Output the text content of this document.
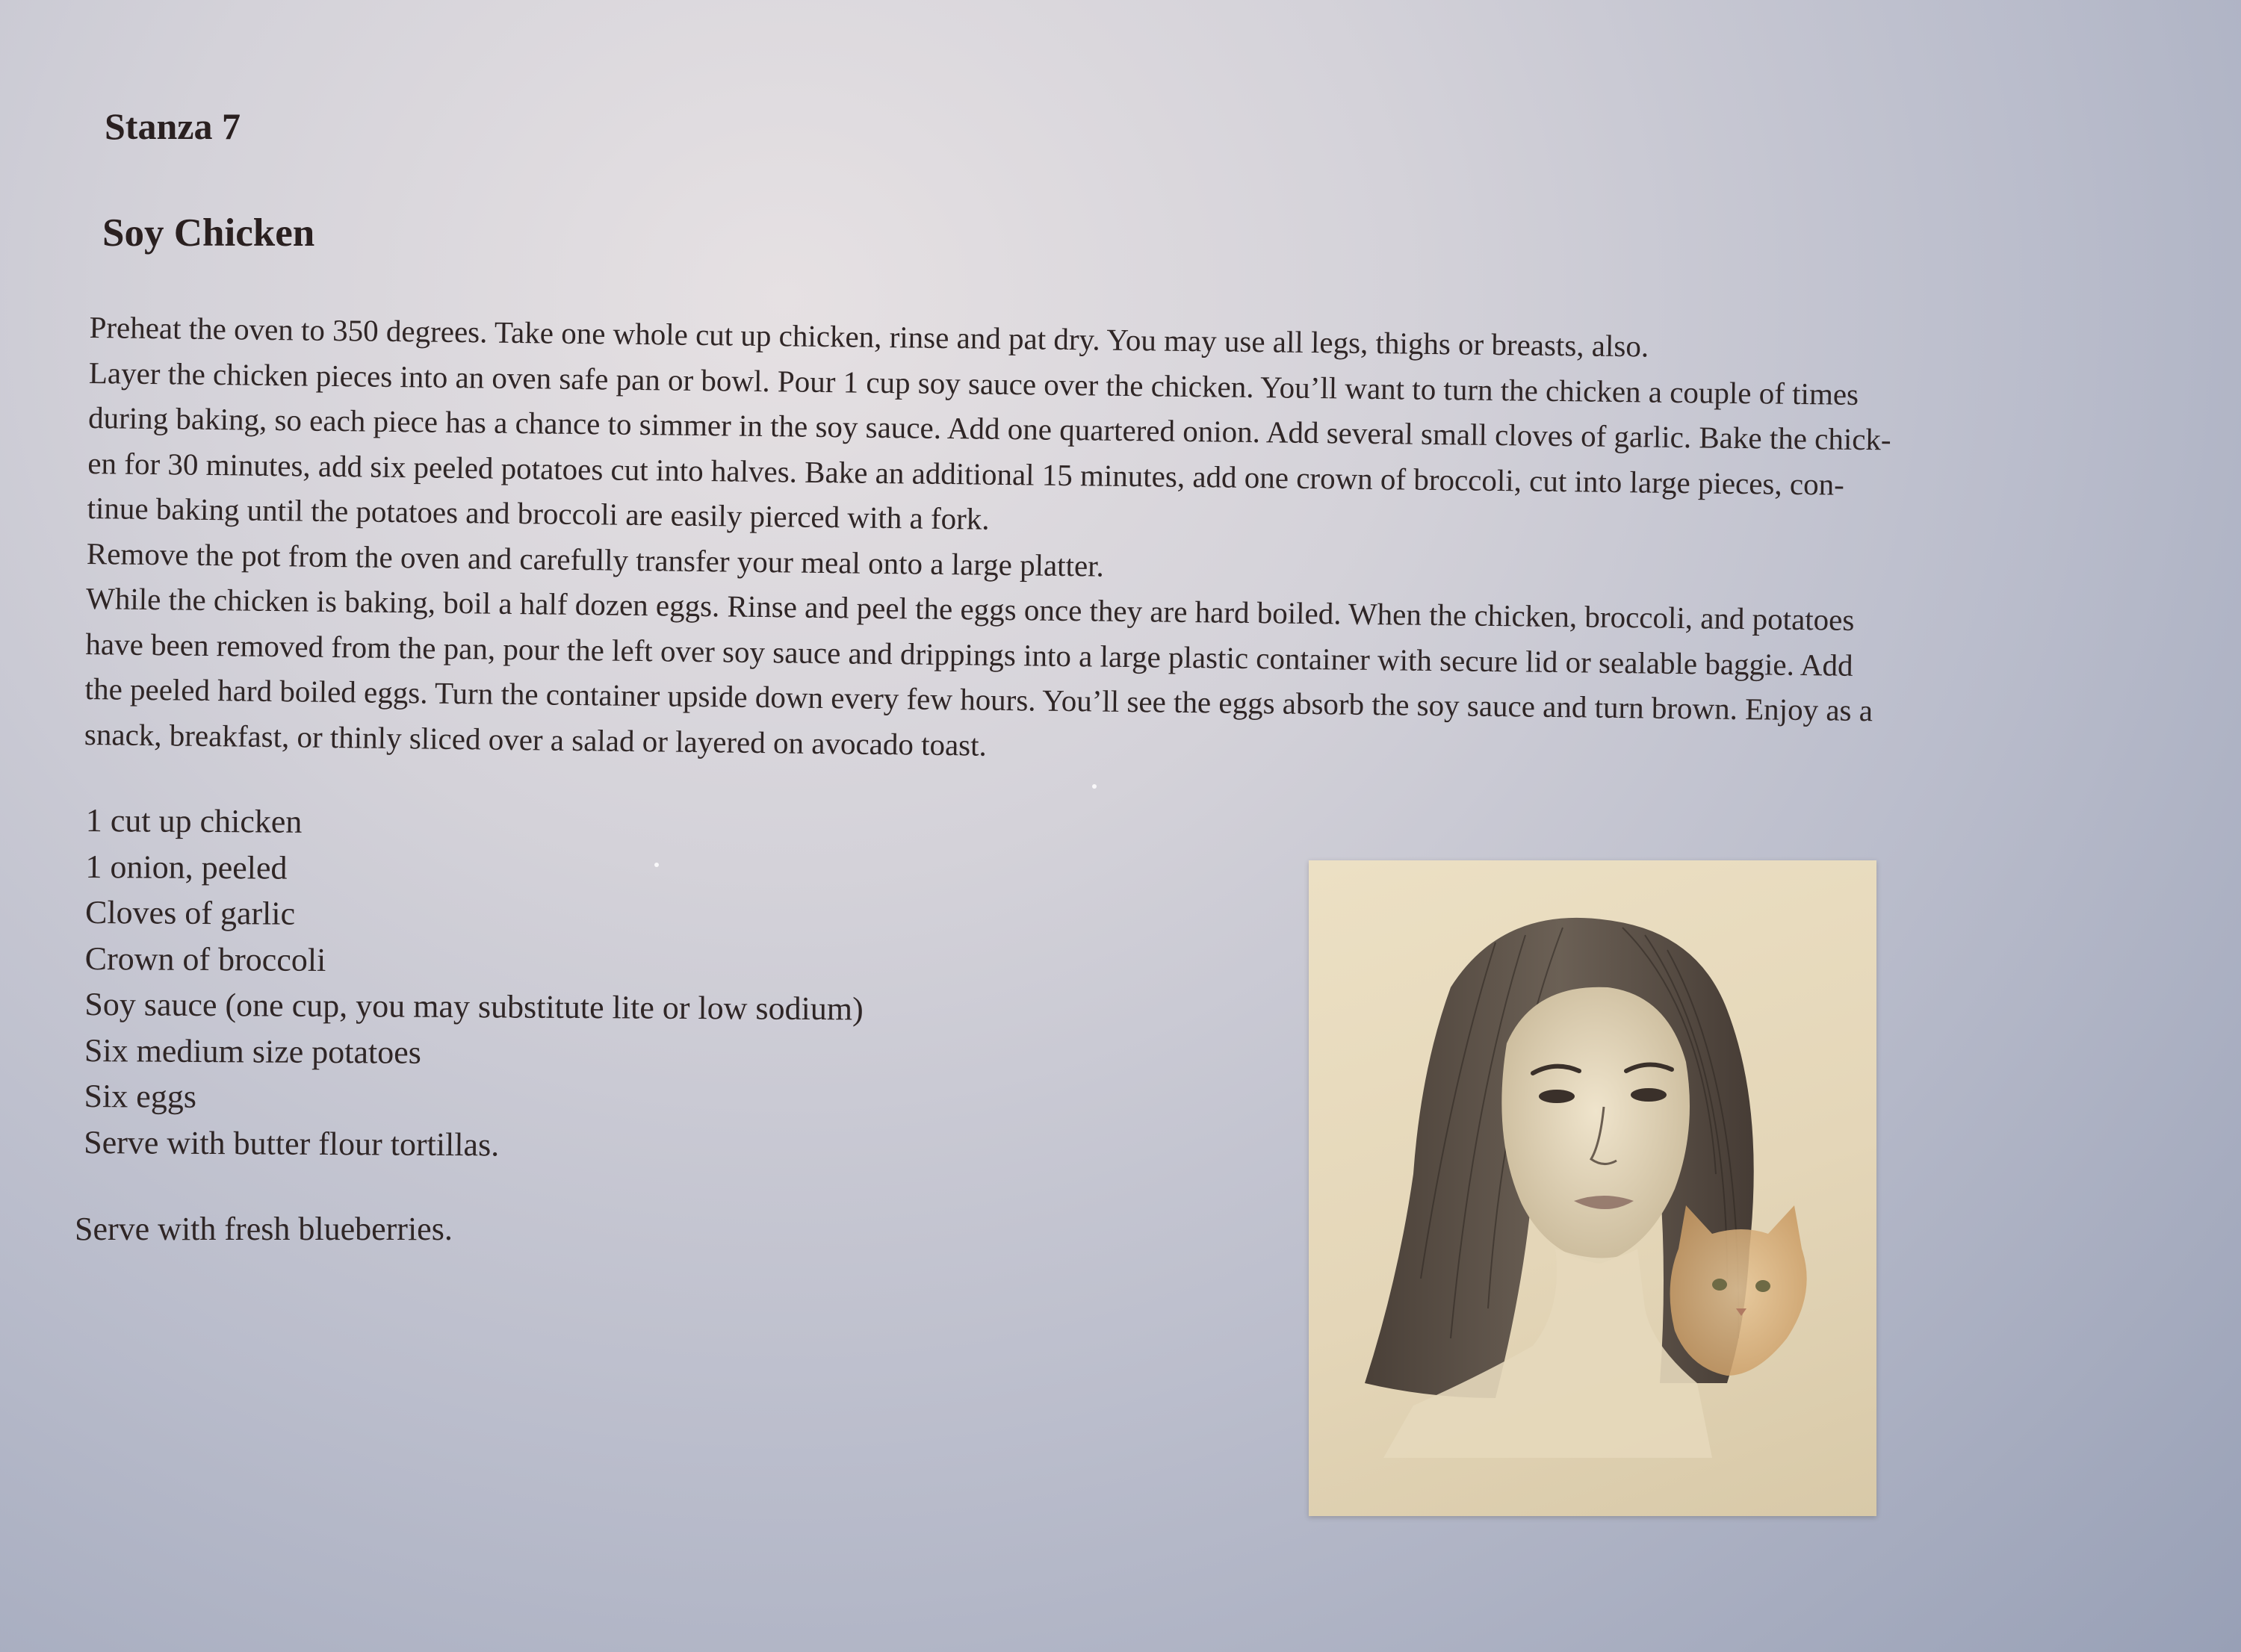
Stanza 7
Soy Chicken
Preheat the oven to 350 degrees. Take one whole cut up chicken, rinse and pat dry. You may use all legs, thighs or breasts, also.
Layer the chicken pieces into an oven safe pan or bowl. Pour 1 cup soy sauce over the chicken. You’ll want to turn the chicken a couple of times
during baking, so each piece has a chance to simmer in the soy sauce. Add one quartered onion. Add several small cloves of garlic. Bake the chick-
en for 30 minutes, add six peeled potatoes cut into halves. Bake an additional 15 minutes, add one crown of broccoli, cut into large pieces, con-
tinue baking until the potatoes and broccoli are easily pierced with a fork.
Remove the pot from the oven and carefully transfer your meal onto a large platter.
While the chicken is baking, boil a half dozen eggs. Rinse and peel the eggs once they are hard boiled. When the chicken, broccoli, and potatoes
have been removed from the pan, pour the left over soy sauce and drippings into a large plastic container with secure lid or sealable baggie. Add
the peeled hard boiled eggs. Turn the container upside down every few hours. You’ll see the eggs absorb the soy sauce and turn brown. Enjoy as a
snack, breakfast, or thinly sliced over a salad or layered on avocado toast.
1 cut up chicken
1 onion, peeled
Cloves of garlic
Crown of broccoli
Soy sauce (one cup, you may substitute lite or low sodium)
Six medium size potatoes
Six eggs
Serve with butter flour tortillas.

Serve with fresh blueberries.
